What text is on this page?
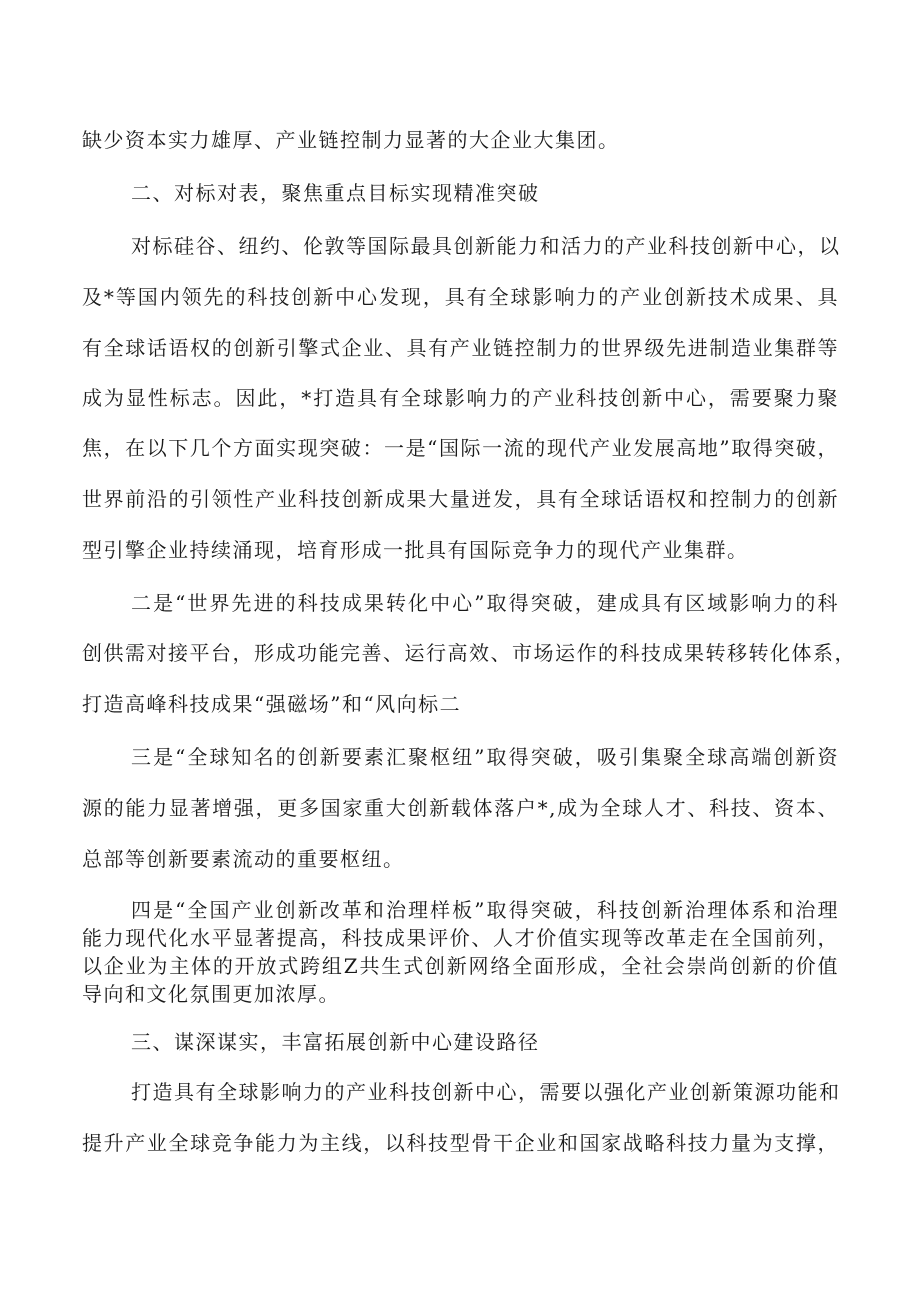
缺少资本实力雄厚、产业链控制力显著的大企业大集团。
二、对标对表，聚焦重点目标实现精准突破
对标硅谷、纽约、伦敦等国际最具创新能力和活力的产业科技创新中心，以
及*等国内领先的科技创新中心发现，具有全球影响力的产业创新技术成果、具
有全球话语权的创新引擎式企业、具有产业链控制力的世界级先进制造业集群等
成为显性标志。因此，*打造具有全球影响力的产业科技创新中心，需要聚力聚
焦，在以下几个方面实现突破：一是“国际一流的现代产业发展高地”取得突破，
世界前沿的引领性产业科技创新成果大量迸发，具有全球话语权和控制力的创新
型引擎企业持续涌现，培育形成一批具有国际竞争力的现代产业集群。
二是“世界先进的科技成果转化中心”取得突破，建成具有区域影响力的科
创供需对接平台，形成功能完善、运行高效、市场运作的科技成果转移转化体系，
打造高峰科技成果“强磁场”和“风向标二
三是“全球知名的创新要素汇聚枢纽”取得突破，吸引集聚全球高端创新资
源的能力显著增强，更多国家重大创新载体落户*,成为全球人才、科技、资本、
总部等创新要素流动的重要枢纽。
四是“全国产业创新改革和治理样板”取得突破，科技创新治理体系和治理
能力现代化水平显著提高，科技成果评价、人才价值实现等改革走在全国前列，
以企业为主体的开放式跨组Z共生式创新网络全面形成，全社会崇尚创新的价值
导向和文化氛围更加浓厚。
三、谋深谋实，丰富拓展创新中心建设路径
打造具有全球影响力的产业科技创新中心，需要以强化产业创新策源功能和
提升产业全球竞争能力为主线，以科技型骨干企业和国家战略科技力量为支撑，
